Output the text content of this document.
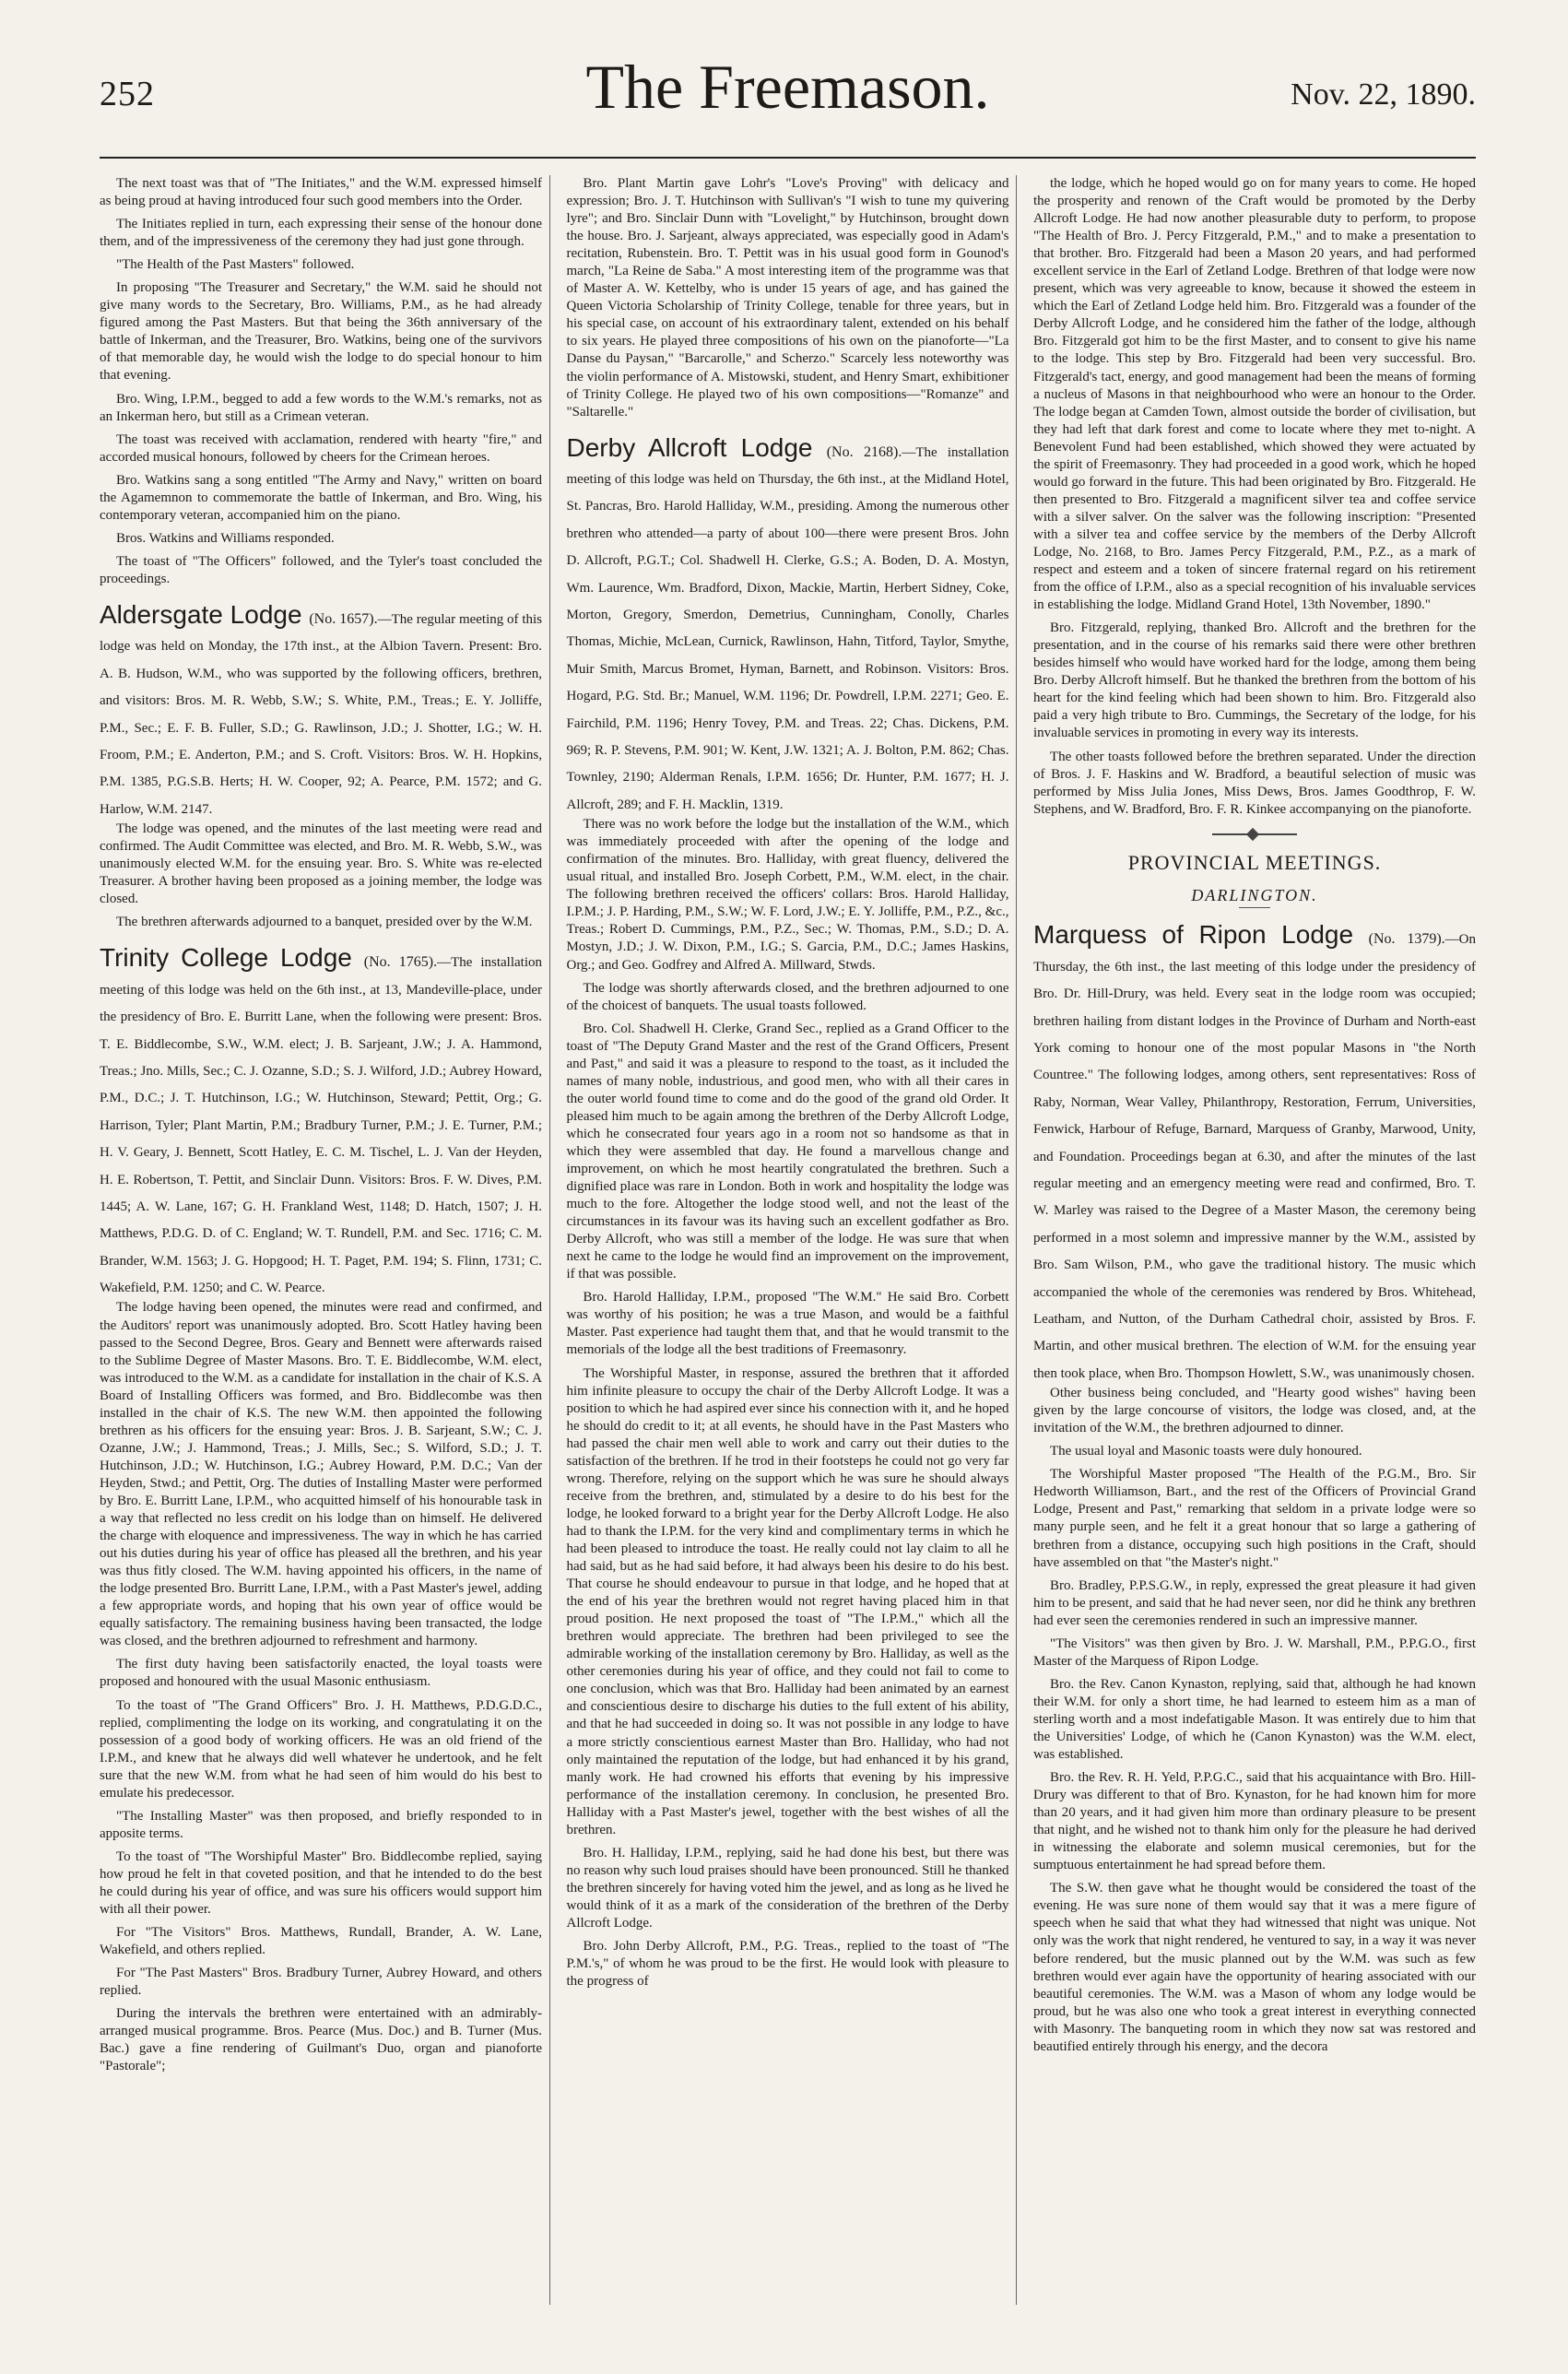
252	The Freemason.	Nov. 22, 1890.

The next toast was that of "The Initiates," and the W.M. expressed himself as being proud at having introduced four such good members into the Order.

The Initiates replied in turn, each expressing their sense of the honour done them, and of the impressiveness of the ceremony they had just gone through.

"The Health of the Past Masters" followed.

In proposing "The Treasurer and Secretary," the W.M. said he should not give many words to the Secretary, Bro. Williams, P.M., as he had already figured among the Past Masters. But that being the 36th anniversary of the battle of Inkerman, and the Treasurer, Bro. Watkins, being one of the survivors of that memorable day, he would wish the lodge to do special honour to him that evening.

Bro. Wing, I.P.M., begged to add a few words to the W.M.'s remarks, not as an Inkerman hero, but still as a Crimean veteran.

The toast was received with acclamation, rendered with hearty "fire," and accorded musical honours, followed by cheers for the Crimean heroes.

Bro. Watkins sang a song entitled "The Army and Navy," written on board the Agamemnon to commemorate the battle of Inkerman, and Bro. Wing, his contemporary veteran, accompanied him on the piano.

Bros. Watkins and Williams responded.

The toast of "The Officers" followed, and the Tyler's toast concluded the proceedings.

Aldersgate Lodge (No. 1657).—The regular meeting of this lodge was held on Monday, the 17th inst., at the Albion Tavern. Present: Bro. A. B. Hudson, W.M., who was supported by the following officers, brethren, and visitors: Bros. M. R. Webb, S.W.; S. White, P.M., Treas.; E. Y. Jolliffe, P.M., Sec.; E. F. B. Fuller, S.D.; G. Rawlinson, J.D.; J. Shotter, I.G.; W. H. Froom, P.M.; E. Anderton, P.M.; and S. Croft. Visitors: Bros. W. H. Hopkins, P.M. 1385, P.G.S.B. Herts; H. W. Cooper, 92; A. Pearce, P.M. 1572; and G. Harlow, W.M. 2147.

The lodge was opened, and the minutes of the last meeting were read and confirmed. The Audit Committee was elected, and Bro. M. R. Webb, S.W., was unanimously elected W.M. for the ensuing year. Bro. S. White was re-elected Treasurer. A brother having been proposed as a joining member, the lodge was closed.

The brethren afterwards adjourned to a banquet, presided over by the W.M.

Trinity College Lodge (No. 1765).—The installation meeting of this lodge was held on the 6th inst., at 13, Mandeville-place, under the presidency of Bro. E. Burritt Lane, when the following were present: Bros. T. E. Biddlecombe, S.W., W.M. elect; J. B. Sarjeant, J.W.; J. A. Hammond, Treas.; Jno. Mills, Sec.; C. J. Ozanne, S.D.; S. J. Wilford, J.D.; Aubrey Howard, P.M., D.C.; J. T. Hutchinson, I.G.; W. Hutchinson, Steward; Pettit, Org.; G. Harrison, Tyler; Plant Martin, P.M.; Bradbury Turner, P.M.; J. E. Turner, P.M.; H. V. Geary, J. Bennett, Scott Hatley, E. C. M. Tischel, L. J. Van der Heyden, H. E. Robertson, T. Pettit, and Sinclair Dunn. Visitors: Bros. F. W. Dives, P.M. 1445; A. W. Lane, 167; G. H. Frankland West, 1148; D. Hatch, 1507; J. H. Matthews, P.D.G. D. of C. England; W. T. Rundell, P.M. and Sec. 1716; C. M. Brander, W.M. 1563; J. G. Hopgood; H. T. Paget, P.M. 194; S. Flinn, 1731; C. Wakefield, P.M. 1250; and C. W. Pearce.

The lodge having been opened, the minutes were read and confirmed, and the Auditors' report was unanimously adopted. Bro. Scott Hatley having been passed to the Second Degree, Bros. Geary and Bennett were afterwards raised to the Sublime Degree of Master Masons. Bro. T. E. Biddlecombe, W.M. elect, was introduced to the W.M. as a candidate for installation in the chair of K.S. A Board of Installing Officers was formed, and Bro. Biddlecombe was then installed in the chair of K.S. The new W.M. then appointed the following brethren as his officers for the ensuing year: Bros. J. B. Sarjeant, S.W.; C. J. Ozanne, J.W.; J. Hammond, Treas.; J. Mills, Sec.; S. Wilford, S.D.; J. T. Hutchinson, J.D.; W. Hutchinson, I.G.; Aubrey Howard, P.M. D.C.; Van der Heyden, Stwd.; and Pettit, Org. The duties of Installing Master were performed by Bro. E. Burritt Lane, I.P.M., who acquitted himself of his honourable task in a way that reflected no less credit on his lodge than on himself. He delivered the charge with eloquence and impressiveness. The way in which he has carried out his duties during his year of office has pleased all the brethren, and his year was thus fitly closed. The W.M. having appointed his officers, in the name of the lodge presented Bro. Burritt Lane, I.P.M., with a Past Master's jewel, adding a few appropriate words, and hoping that his own year of office would be equally satisfactory. The remaining business having been transacted, the lodge was closed, and the brethren adjourned to refreshment and harmony.

The first duty having been satisfactorily enacted, the loyal toasts were proposed and honoured with the usual Masonic enthusiasm.

To the toast of "The Grand Officers" Bro. J. H. Matthews, P.D.G.D.C., replied, complimenting the lodge on its working, and congratulating it on the possession of a good body of working officers. He was an old friend of the I.P.M., and knew that he always did well whatever he undertook, and he felt sure that the new W.M. from what he had seen of him would do his best to emulate his predecessor.

"The Installing Master" was then proposed, and briefly responded to in apposite terms.

To the toast of "The Worshipful Master" Bro. Biddlecombe replied, saying how proud he felt in that coveted position, and that he intended to do the best he could during his year of office, and was sure his officers would support him with all their power.

For "The Visitors" Bros. Matthews, Rundall, Brander, A. W. Lane, Wakefield, and others replied.

For "The Past Masters" Bros. Bradbury Turner, Aubrey Howard, and others replied.

During the intervals the brethren were entertained with an admirably-arranged musical programme. Bros. Pearce (Mus. Doc.) and B. Turner (Mus. Bac.) gave a fine rendering of Guilmant's Duo, organ and pianoforte "Pastorale";

Bro. Plant Martin gave Lohr's "Love's Proving" with delicacy and expression; Bro. J. T. Hutchinson with Sullivan's "I wish to tune my quivering lyre"; and Bro. Sinclair Dunn with "Lovelight," by Hutchinson, brought down the house. Bro. J. Sarjeant, always appreciated, was especially good in Adam's recitation, Rubenstein. Bro. T. Pettit was in his usual good form in Gounod's march, "La Reine de Saba." A most interesting item of the programme was that of Master A. W. Kettelby, who is under 15 years of age, and has gained the Queen Victoria Scholarship of Trinity College, tenable for three years, but in his special case, on account of his extraordinary talent, extended on his behalf to six years. He played three compositions of his own on the pianoforte—"La Danse du Paysan," "Barcarolle," and Scherzo." Scarcely less noteworthy was the violin performance of A. Mistowski, student, and Henry Smart, exhibitioner of Trinity College. He played two of his own compositions—"Romanze" and "Saltarelle."

Derby Allcroft Lodge (No. 2168).—The installation meeting of this lodge was held on Thursday, the 6th inst., at the Midland Hotel, St. Pancras, Bro. Harold Halliday, W.M., presiding. Among the numerous other brethren who attended—a party of about 100—there were present Bros. John D. Allcroft, P.G.T.; Col. Shadwell H. Clerke, G.S.; A. Boden, D. A. Mostyn, Wm. Laurence, Wm. Bradford, Dixon, Mackie, Martin, Herbert Sidney, Coke, Morton, Gregory, Smerdon, Demetrius, Cunningham, Conolly, Charles Thomas, Michie, McLean, Curnick, Rawlinson, Hahn, Titford, Taylor, Smythe, Muir Smith, Marcus Bromet, Hyman, Barnett, and Robinson. Visitors: Bros. Hogard, P.G. Std. Br.; Manuel, W.M. 1196; Dr. Powdrell, I.P.M. 2271; Geo. E. Fairchild, P.M. 1196; Henry Tovey, P.M. and Treas. 22; Chas. Dickens, P.M. 969; R. P. Stevens, P.M. 901; W. Kent, J.W. 1321; A. J. Bolton, P.M. 862; Chas. Townley, 2190; Alderman Renals, I.P.M. 1656; Dr. Hunter, P.M. 1677; H. J. Allcroft, 289; and F. H. Macklin, 1319.

There was no work before the lodge but the installation of the W.M., which was immediately proceeded with after the opening of the lodge and confirmation of the minutes. Bro. Halliday, with great fluency, delivered the usual ritual, and installed Bro. Joseph Corbett, P.M., W.M. elect, in the chair. The following brethren received the officers' collars: Bros. Harold Halliday, I.P.M.; J. P. Harding, P.M., S.W.; W. F. Lord, J.W.; E. Y. Jolliffe, P.M., P.Z., &c., Treas.; Robert D. Cummings, P.M., P.Z., Sec.; W. Thomas, P.M., S.D.; D. A. Mostyn, J.D.; J. W. Dixon, P.M., I.G.; S. Garcia, P.M., D.C.; James Haskins, Org.; and Geo. Godfrey and Alfred A. Millward, Stwds.

The lodge was shortly afterwards closed, and the brethren adjourned to one of the choicest of banquets. The usual toasts followed.

Bro. Col. Shadwell H. Clerke, Grand Sec., replied as a Grand Officer to the toast of "The Deputy Grand Master and the rest of the Grand Officers, Present and Past," and said it was a pleasure to respond to the toast, as it included the names of many noble, industrious, and good men, who with all their cares in the outer world found time to come and do the good of the grand old Order. It pleased him much to be again among the brethren of the Derby Allcroft Lodge, which he consecrated four years ago in a room not so handsome as that in which they were assembled that day. He found a marvellous change and improvement, on which he most heartily congratulated the brethren. Such a dignified place was rare in London. Both in work and hospitality the lodge was much to the fore. Altogether the lodge stood well, and not the least of the circumstances in its favour was its having such an excellent godfather as Bro. Derby Allcroft, who was still a member of the lodge. He was sure that when next he came to the lodge he would find an improvement on the improvement, if that was possible.

Bro. Harold Halliday, I.P.M., proposed "The W.M." He said Bro. Corbett was worthy of his position; he was a true Mason, and would be a faithful Master. Past experience had taught them that, and that he would transmit to the memorials of the lodge all the best traditions of Freemasonry.

The Worshipful Master, in response, assured the brethren that it afforded him infinite pleasure to occupy the chair of the Derby Allcroft Lodge. It was a position to which he had aspired ever since his connection with it, and he hoped he should do credit to it; at all events, he should have in the Past Masters who had passed the chair men well able to work and carry out their duties to the satisfaction of the brethren. If he trod in their footsteps he could not go very far wrong. Therefore, relying on the support which he was sure he should always receive from the brethren, and, stimulated by a desire to do his best for the lodge, he looked forward to a bright year for the Derby Allcroft Lodge. He also had to thank the I.P.M. for the very kind and complimentary terms in which he had been pleased to introduce the toast. He really could not lay claim to all he had said, but as he had said before, it had always been his desire to do his best. That course he should endeavour to pursue in that lodge, and he hoped that at the end of his year the brethren would not regret having placed him in that proud position. He next proposed the toast of "The I.P.M.," which all the brethren would appreciate. The brethren had been privileged to see the admirable working of the installation ceremony by Bro. Halliday, as well as the other ceremonies during his year of office, and they could not fail to come to one conclusion, which was that Bro. Halliday had been animated by an earnest and conscientious desire to discharge his duties to the full extent of his ability, and that he had succeeded in doing so. It was not possible in any lodge to have a more strictly conscientious earnest Master than Bro. Halliday, who had not only maintained the reputation of the lodge, but had enhanced it by his grand, manly work. He had crowned his efforts that evening by his impressive performance of the installation ceremony. In conclusion, he presented Bro. Halliday with a Past Master's jewel, together with the best wishes of all the brethren.

Bro. H. Halliday, I.P.M., replying, said he had done his best, but there was no reason why such loud praises should have been pronounced. Still he thanked the brethren sincerely for having voted him the jewel, and as long as he lived he would think of it as a mark of the consideration of the brethren of the Derby Allcroft Lodge.

Bro. John Derby Allcroft, P.M., P.G. Treas., replied to the toast of "The P.M.'s," of whom he was proud to be the first. He would look with pleasure to the progress of

the lodge, which he hoped would go on for many years to come. He hoped the prosperity and renown of the Craft would be promoted by the Derby Allcroft Lodge. He had now another pleasurable duty to perform, to propose "The Health of Bro. J. Percy Fitzgerald, P.M.," and to make a presentation to that brother. Bro. Fitzgerald had been a Mason 20 years, and had performed excellent service in the Earl of Zetland Lodge. Brethren of that lodge were now present, which was very agreeable to know, because it showed the esteem in which the Earl of Zetland Lodge held him. Bro. Fitzgerald was a founder of the Derby Allcroft Lodge, and he considered him the father of the lodge, although Bro. Fitzgerald got him to be the first Master, and to consent to give his name to the lodge. This step by Bro. Fitzgerald had been very successful. Bro. Fitzgerald's tact, energy, and good management had been the means of forming a nucleus of Masons in that neighbourhood who were an honour to the Order. The lodge began at Camden Town, almost outside the border of civilisation, but they had left that dark forest and come to locate where they met to-night. A Benevolent Fund had been established, which showed they were actuated by the spirit of Freemasonry. They had proceeded in a good work, which he hoped would go forward in the future. This had been originated by Bro. Fitzgerald. He then presented to Bro. Fitzgerald a magnificent silver tea and coffee service with a silver salver. On the salver was the following inscription: "Presented with a silver tea and coffee service by the members of the Derby Allcroft Lodge, No. 2168, to Bro. James Percy Fitzgerald, P.M., P.Z., as a mark of respect and esteem and a token of sincere fraternal regard on his retirement from the office of I.P.M., also as a special recognition of his invaluable services in establishing the lodge. Midland Grand Hotel, 13th November, 1890."

Bro. Fitzgerald, replying, thanked Bro. Allcroft and the brethren for the presentation, and in the course of his remarks said there were other brethren besides himself who would have worked hard for the lodge, among them being Bro. Derby Allcroft himself. But he thanked the brethren from the bottom of his heart for the kind feeling which had been shown to him. Bro. Fitzgerald also paid a very high tribute to Bro. Cummings, the Secretary of the lodge, for his invaluable services in promoting in every way its interests.

The other toasts followed before the brethren separated. Under the direction of Bros. J. F. Haskins and W. Bradford, a beautiful selection of music was performed by Miss Julia Jones, Miss Dews, Bros. James Goodthrop, F. W. Stephens, and W. Bradford, Bro. F. R. Kinkee accompanying on the pianoforte.

PROVINCIAL MEETINGS.
DARLINGTON.
Marquess of Ripon Lodge (No. 1379).—On Thursday, the 6th inst., the last meeting of this lodge under the presidency of Bro. Dr. Hill-Drury, was held. Every seat in the lodge room was occupied; brethren hailing from distant lodges in the Province of Durham and North-east York coming to honour one of the most popular Masons in "the North Countree." The following lodges, among others, sent representatives: Ross of Raby, Norman, Wear Valley, Philanthropy, Restoration, Ferrum, Universities, Fenwick, Harbour of Refuge, Barnard, Marquess of Granby, Marwood, Unity, and Foundation. Proceedings began at 6.30, and after the minutes of the last regular meeting and an emergency meeting were read and confirmed, Bro. T. W. Marley was raised to the Degree of a Master Mason, the ceremony being performed in a most solemn and impressive manner by the W.M., assisted by Bro. Sam Wilson, P.M., who gave the traditional history. The music which accompanied the whole of the ceremonies was rendered by Bros. Whitehead, Leatham, and Nutton, of the Durham Cathedral choir, assisted by Bros. F. Martin, and other musical brethren. The election of W.M. for the ensuing year then took place, when Bro. Thompson Howlett, S.W., was unanimously chosen.

Other business being concluded, and "Hearty good wishes" having been given by the large concourse of visitors, the lodge was closed, and, at the invitation of the W.M., the brethren adjourned to dinner.

The usual loyal and Masonic toasts were duly honoured.

The Worshipful Master proposed "The Health of the P.G.M., Bro. Sir Hedworth Williamson, Bart., and the rest of the Officers of Provincial Grand Lodge, Present and Past," remarking that seldom in a private lodge were so many purple seen, and he felt it a great honour that so large a gathering of brethren from a distance, occupying such high positions in the Craft, should have assembled on that "the Master's night."

Bro. Bradley, P.P.S.G.W., in reply, expressed the great pleasure it had given him to be present, and said that he had never seen, nor did he think any brethren had ever seen the ceremonies rendered in such an impressive manner.

"The Visitors" was then given by Bro. J. W. Marshall, P.M., P.P.G.O., first Master of the Marquess of Ripon Lodge.

Bro. the Rev. Canon Kynaston, replying, said that, although he had known their W.M. for only a short time, he had learned to esteem him as a man of sterling worth and a most indefatigable Mason. It was entirely due to him that the Universities' Lodge, of which he (Canon Kynaston) was the W.M. elect, was established.

Bro. the Rev. R. H. Yeld, P.P.G.C., said that his acquaintance with Bro. Hill-Drury was different to that of Bro. Kynaston, for he had known him for more than 20 years, and it had given him more than ordinary pleasure to be present that night, and he wished not to thank him only for the pleasure he had derived in witnessing the elaborate and solemn musical ceremonies, but for the sumptuous entertainment he had spread before them.

The S.W. then gave what he thought would be considered the toast of the evening. He was sure none of them would say that it was a mere figure of speech when he said that what they had witnessed that night was unique. Not only was the work that night rendered, he ventured to say, in a way it was never before rendered, but the music planned out by the W.M. was such as few brethren would ever again have the opportunity of hearing associated with our beautiful ceremonies. The W.M. was a Mason of whom any lodge would be proud, but he was also one who took a great interest in everything connected with Masonry. The banqueting room in which they now sat was restored and beautified entirely through his energy, and the decora
